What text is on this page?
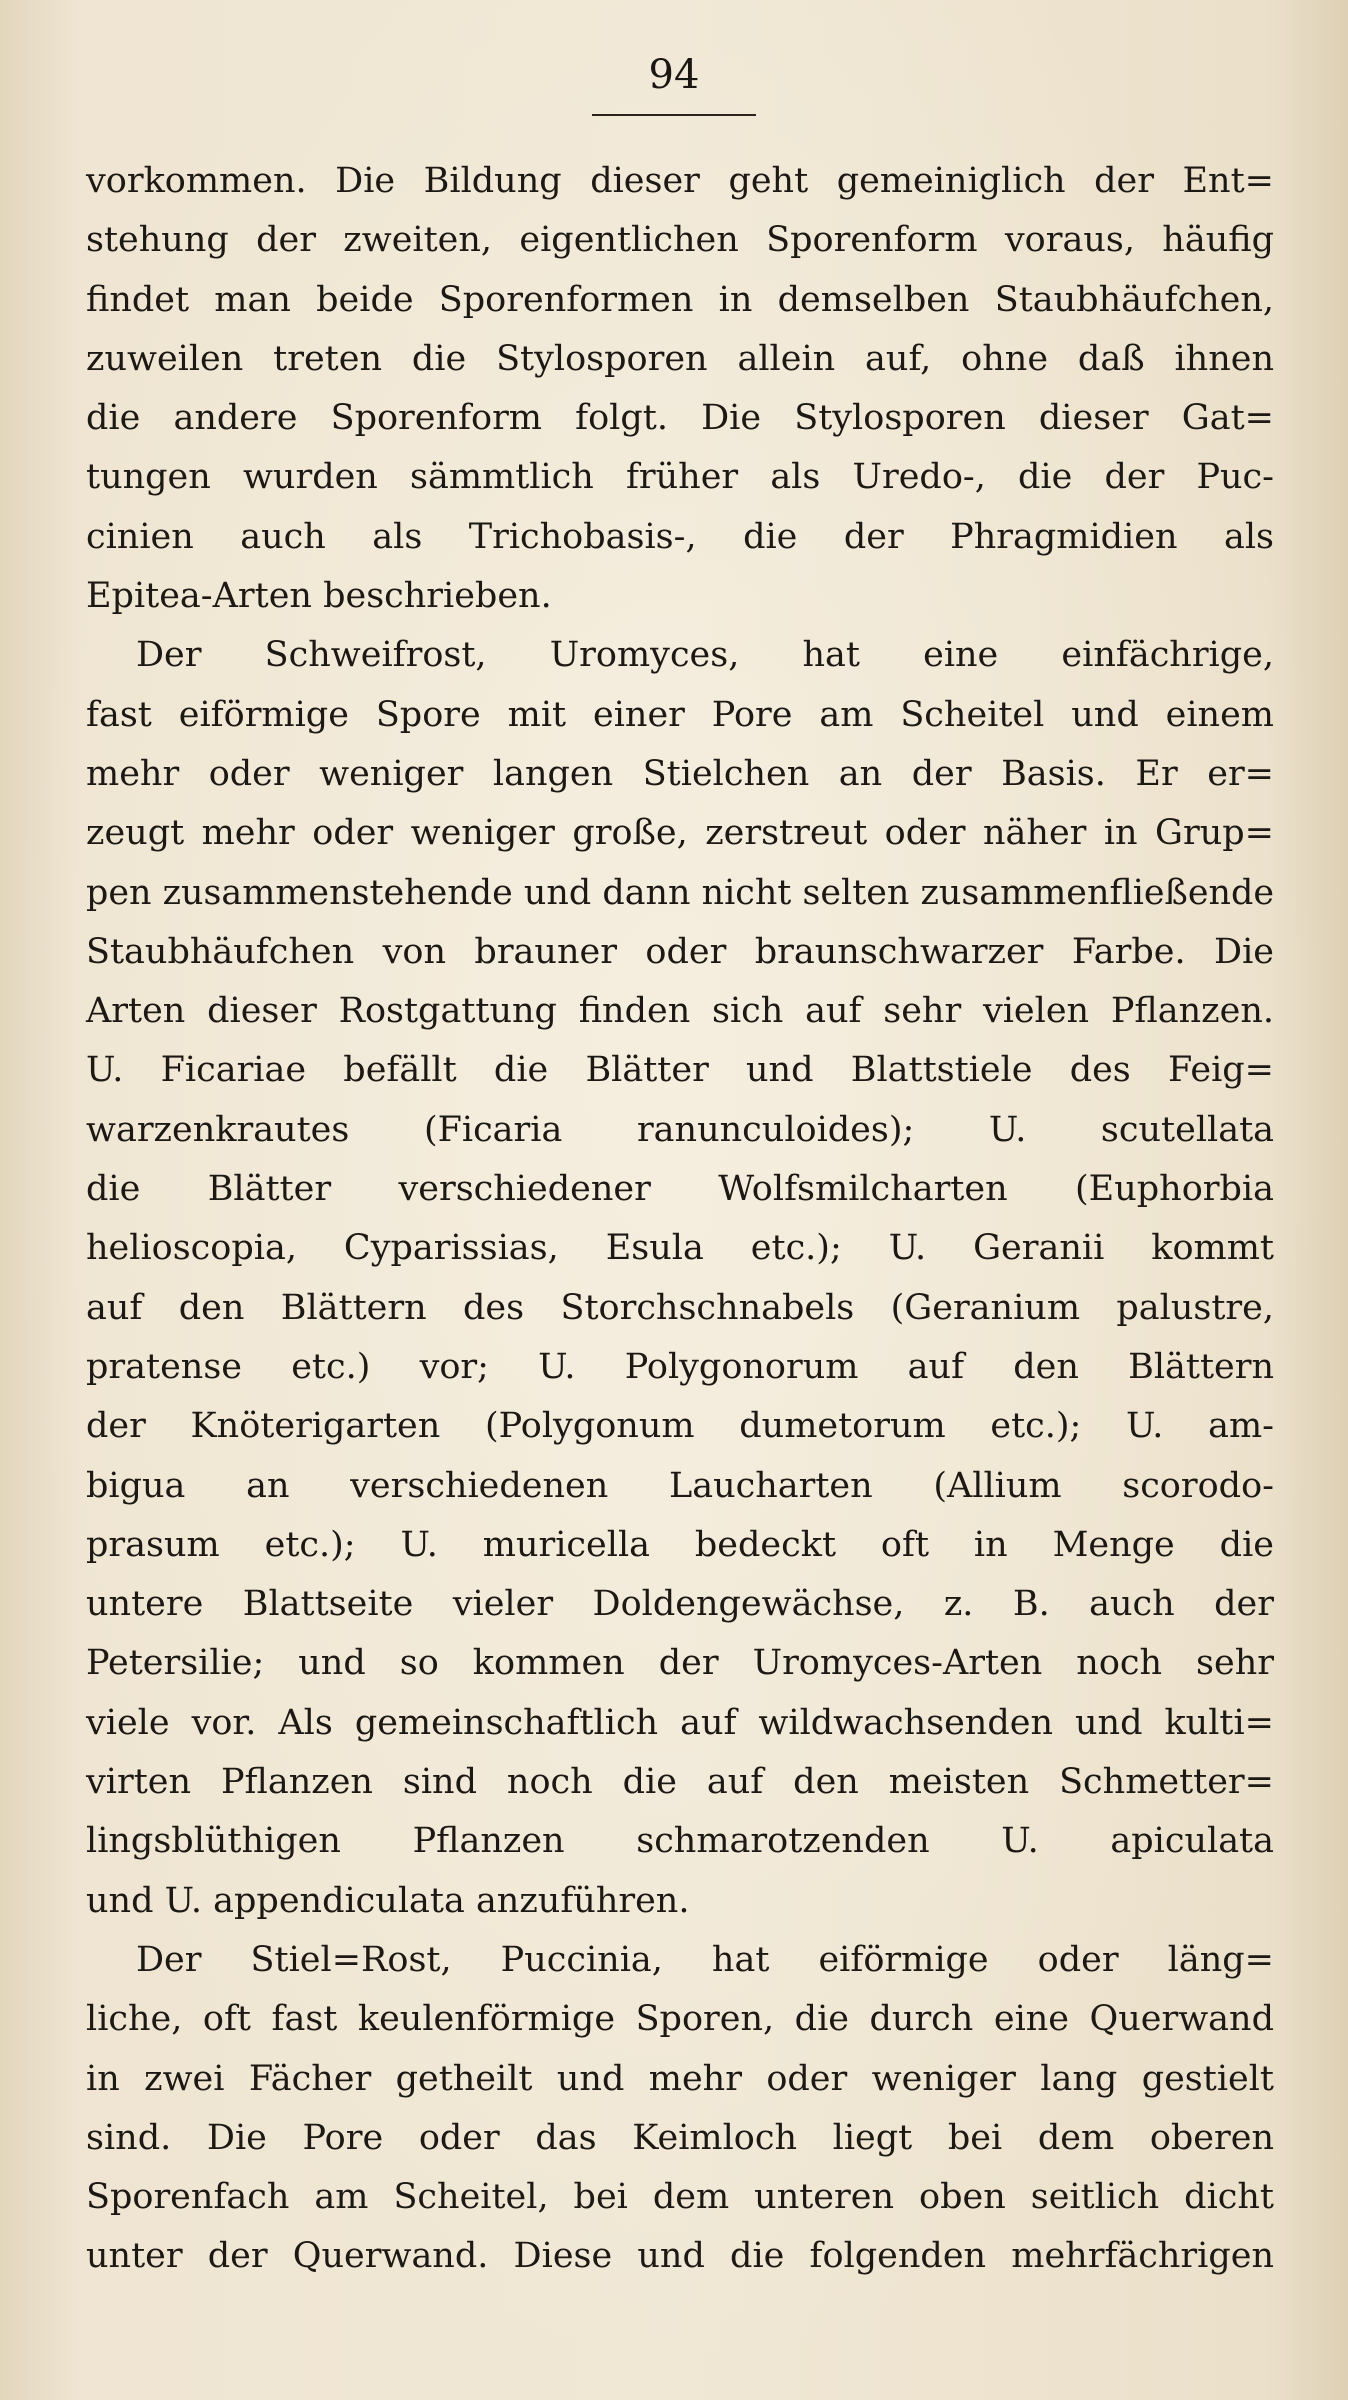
94
vorkommen. Die Bildung dieser geht gemeiniglich der Ent=
stehung der zweiten, eigentlichen Sporenform voraus, häufig
findet man beide Sporenformen in demselben Staubhäufchen,
zuweilen treten die Stylosporen allein auf, ohne daß ihnen
die andere Sporenform folgt. Die Stylosporen dieser Gat=
tungen wurden sämmtlich früher als Uredo-, die der Puc-
cinien auch als Trichobasis-, die der Phragmidien als
Epitea-Arten beschrieben.
Der Schweifrost, Uromyces, hat eine einfächrige,
fast eiförmige Spore mit einer Pore am Scheitel und einem
mehr oder weniger langen Stielchen an der Basis. Er er=
zeugt mehr oder weniger große, zerstreut oder näher in Grup=
pen zusammenstehende und dann nicht selten zusammenfließende
Staubhäufchen von brauner oder braunschwarzer Farbe. Die
Arten dieser Rostgattung finden sich auf sehr vielen Pflanzen.
U. Ficariae befällt die Blätter und Blattstiele des Feig=
warzenkrautes (Ficaria ranunculoides); U. scutellata
die Blätter verschiedener Wolfsmilcharten (Euphorbia
helioscopia, Cyparissias, Esula etc.); U. Geranii kommt
auf den Blättern des Storchschnabels (Geranium palustre,
pratense etc.) vor; U. Polygonorum auf den Blättern
der Knöterigarten (Polygonum dumetorum etc.); U. am-
bigua an verschiedenen Laucharten (Allium scorodo-
prasum etc.); U. muricella bedeckt oft in Menge die
untere Blattseite vieler Doldengewächse, z. B. auch der
Petersilie; und so kommen der Uromyces-Arten noch sehr
viele vor. Als gemeinschaftlich auf wildwachsenden und kulti=
virten Pflanzen sind noch die auf den meisten Schmetter=
lingsblüthigen Pflanzen schmarotzenden U. apiculata
und U. appendiculata anzuführen.
Der Stiel=Rost, Puccinia, hat eiförmige oder läng=
liche, oft fast keulenförmige Sporen, die durch eine Querwand
in zwei Fächer getheilt und mehr oder weniger lang gestielt
sind. Die Pore oder das Keimloch liegt bei dem oberen
Sporenfach am Scheitel, bei dem unteren oben seitlich dicht
unter der Querwand. Diese und die folgenden mehrfächrigen
